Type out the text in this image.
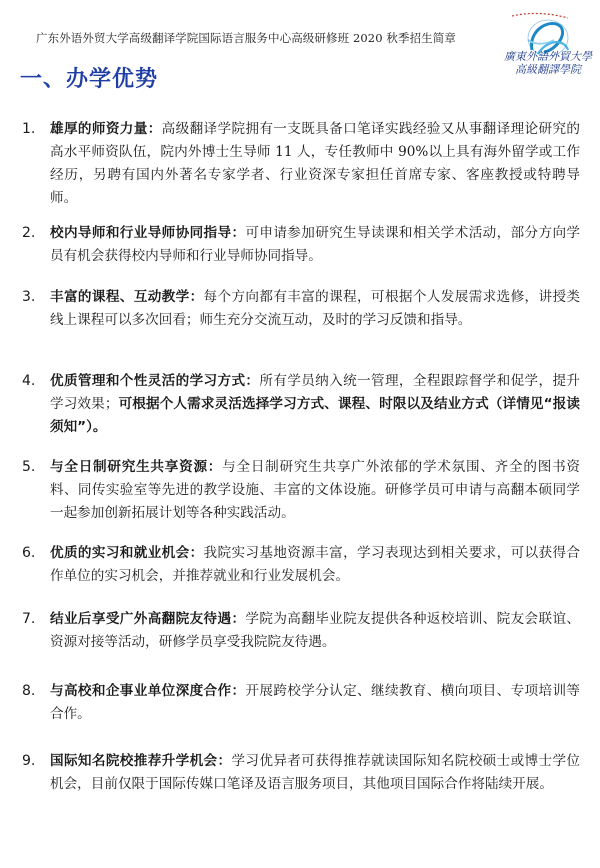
广东外语外贸大学高级翻译学院国际语言服务中心高级研修班 2020 秋季招生简章
廣東外語外貿大學
高級翻譯學院
一、办学优势
1. 雄厚的师资力量：高级翻译学院拥有一支既具备口笔译实践经验又从事翻译理论研究的高水平师资队伍，院内外博士生导师 11 人，专任教师中 90%以上具有海外留学或工作经历，另聘有国内外著名专家学者、行业资深专家担任首席专家、客座教授或特聘导师。
2. 校内导师和行业导师协同指导：可申请参加研究生导读课和相关学术活动，部分方向学员有机会获得校内导师和行业导师协同指导。
3. 丰富的课程、互动教学：每个方向都有丰富的课程，可根据个人发展需求选修，讲授类线上课程可以多次回看；师生充分交流互动，及时的学习反馈和指导。
4. 优质管理和个性灵活的学习方式：所有学员纳入统一管理，全程跟踪督学和促学，提升学习效果；可根据个人需求灵活选择学习方式、课程、时限以及结业方式（详情见“报读须知”）。
5. 与全日制研究生共享资源：与全日制研究生共享广外浓郁的学术氛围、齐全的图书资料、同传实验室等先进的教学设施、丰富的文体设施。研修学员可申请与高翻本硕同学一起参加创新拓展计划等各种实践活动。
6. 优质的实习和就业机会：我院实习基地资源丰富，学习表现达到相关要求，可以获得合作单位的实习机会，并推荐就业和行业发展机会。
7. 结业后享受广外高翻院友待遇：学院为高翻毕业院友提供各种返校培训、院友会联谊、资源对接等活动，研修学员享受我院院友待遇。
8. 与高校和企事业单位深度合作：开展跨校学分认定、继续教育、横向项目、专项培训等合作。
9. 国际知名院校推荐升学机会：学习优异者可获得推荐就读国际知名院校硕士或博士学位机会，目前仅限于国际传媒口笔译及语言服务项目，其他项目国际合作将陆续开展。
